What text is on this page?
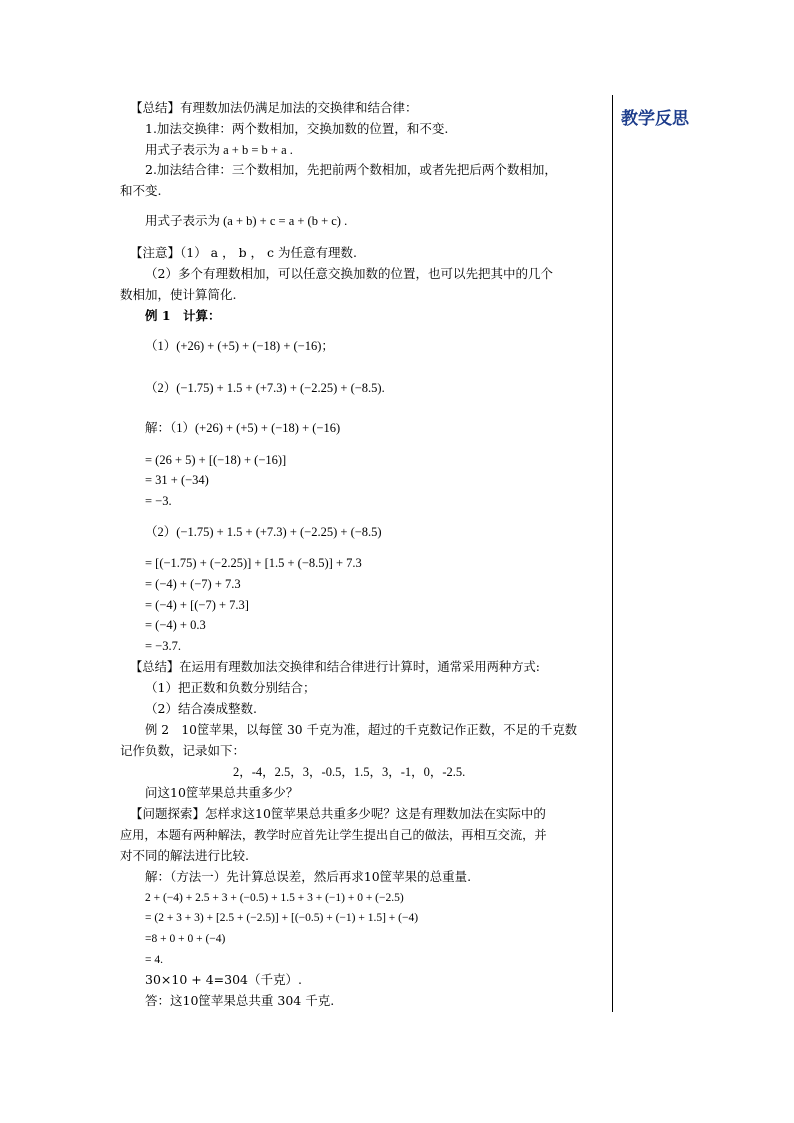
教学反思
【总结】有理数加法仍满足加法的交换律和结合律：
1.加法交换律：两个数相加，交换加数的位置，和不变.
用式子表示为 a + b = b + a .
2.加法结合律：三个数相加，先把前两个数相加，或者先把后两个数相加，
和不变.
用式子表示为 (a + b) + c = a + (b + c) .
【注意】（1） a ， b ， c 为任意有理数.
（2）多个有理数相加，可以任意交换加数的位置，也可以先把其中的几个
数相加，使计算简化.
例 1　计算：
（1）(+26) + (+5) + (−18) + (−16)；
（2）(−1.75) + 1.5 + (+7.3) + (−2.25) + (−8.5).
解：（1）(+26) + (+5) + (−18) + (−16)
= (26 + 5) + [(−18) + (−16)]
= 31 + (−34)
= −3.
（2）(−1.75) + 1.5 + (+7.3) + (−2.25) + (−8.5)
= [(−1.75) + (−2.25)] + [1.5 + (−8.5)] + 7.3
= (−4) + (−7) + 7.3
= (−4) + [(−7) + 7.3]
= (−4) + 0.3
= −3.7.
【总结】在运用有理数加法交换律和结合律进行计算时，通常采用两种方式:
（1）把正数和负数分别结合；
（2）结合凑成整数.
例 2　10筐苹果，以每筐 30 千克为准，超过的千克数记作正数，不足的千克数
记作负数，记录如下：
2，-4，2.5，3，-0.5，1.5，3，-1，0，-2.5.
问这10筐苹果总共重多少？
【问题探索】怎样求这10筐苹果总共重多少呢？这是有理数加法在实际中的
应用，本题有两种解法，教学时应首先让学生提出自己的做法，再相互交流，并
对不同的解法进行比较.
解：（方法一）先计算总误差，然后再求10筐苹果的总重量.
2 + (−4) + 2.5 + 3 + (−0.5) + 1.5 + 3 + (−1) + 0 + (−2.5)
= (2 + 3 + 3) + [2.5 + (−2.5)] + [(−0.5) + (−1) + 1.5] + (−4)
=8 + 0 + 0 + (−4)
= 4.
30×10 + 4=304（千克）.
答：这10筐苹果总共重 304 千克.
